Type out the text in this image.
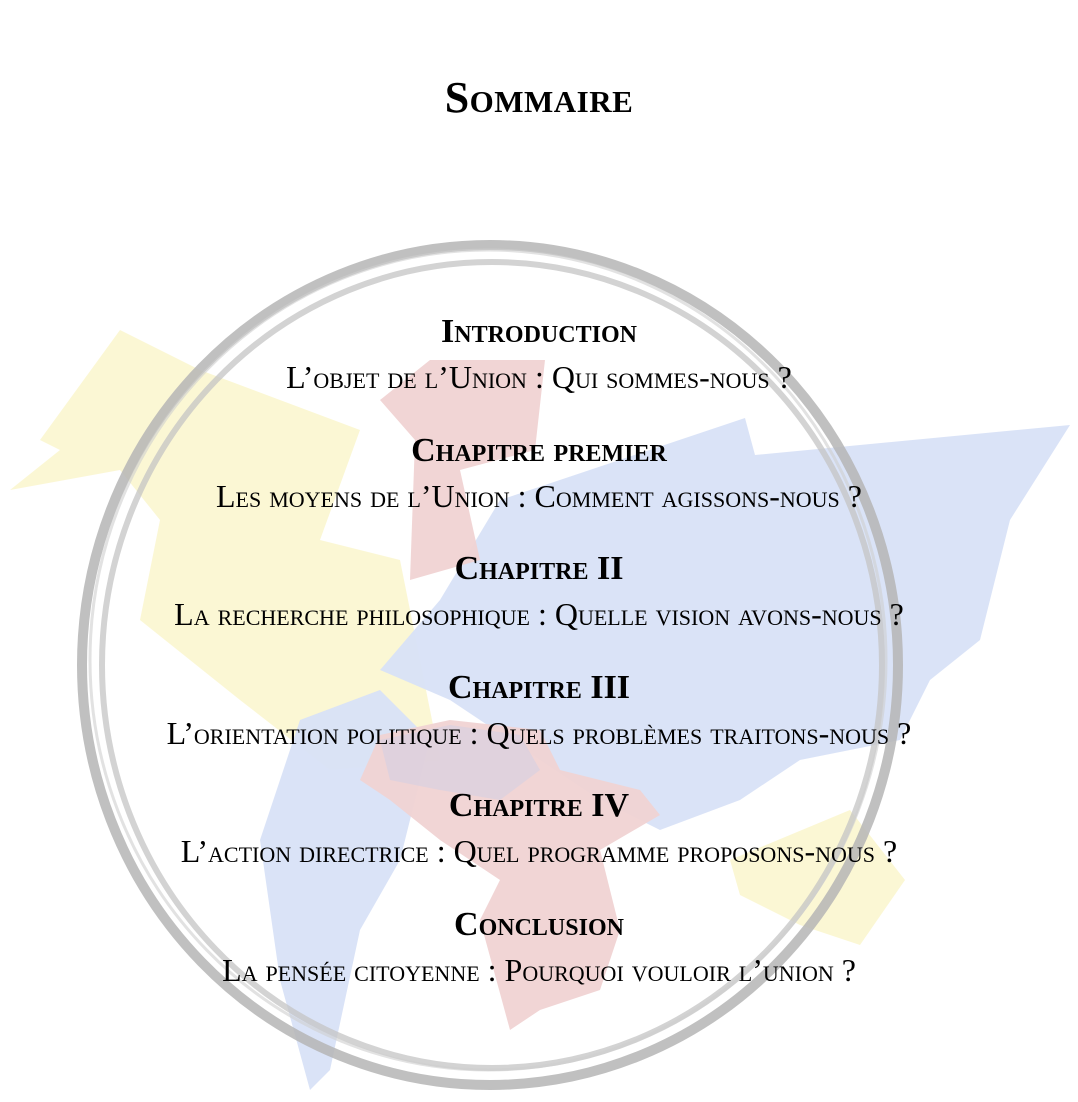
Sommaire
Introduction
L’objet de l’Union : Qui sommes-nous ?
Chapitre premier
Les moyens de l’Union : Comment agissons-nous ?
Chapitre II
La recherche philosophique : Quelle vision avons-nous ?
Chapitre III
L’orientation politique : Quels problèmes traitons-nous ?
Chapitre IV
L’action directrice : Quel programme proposons-nous ?
Conclusion
La pensée citoyenne : Pourquoi vouloir l’union ?
